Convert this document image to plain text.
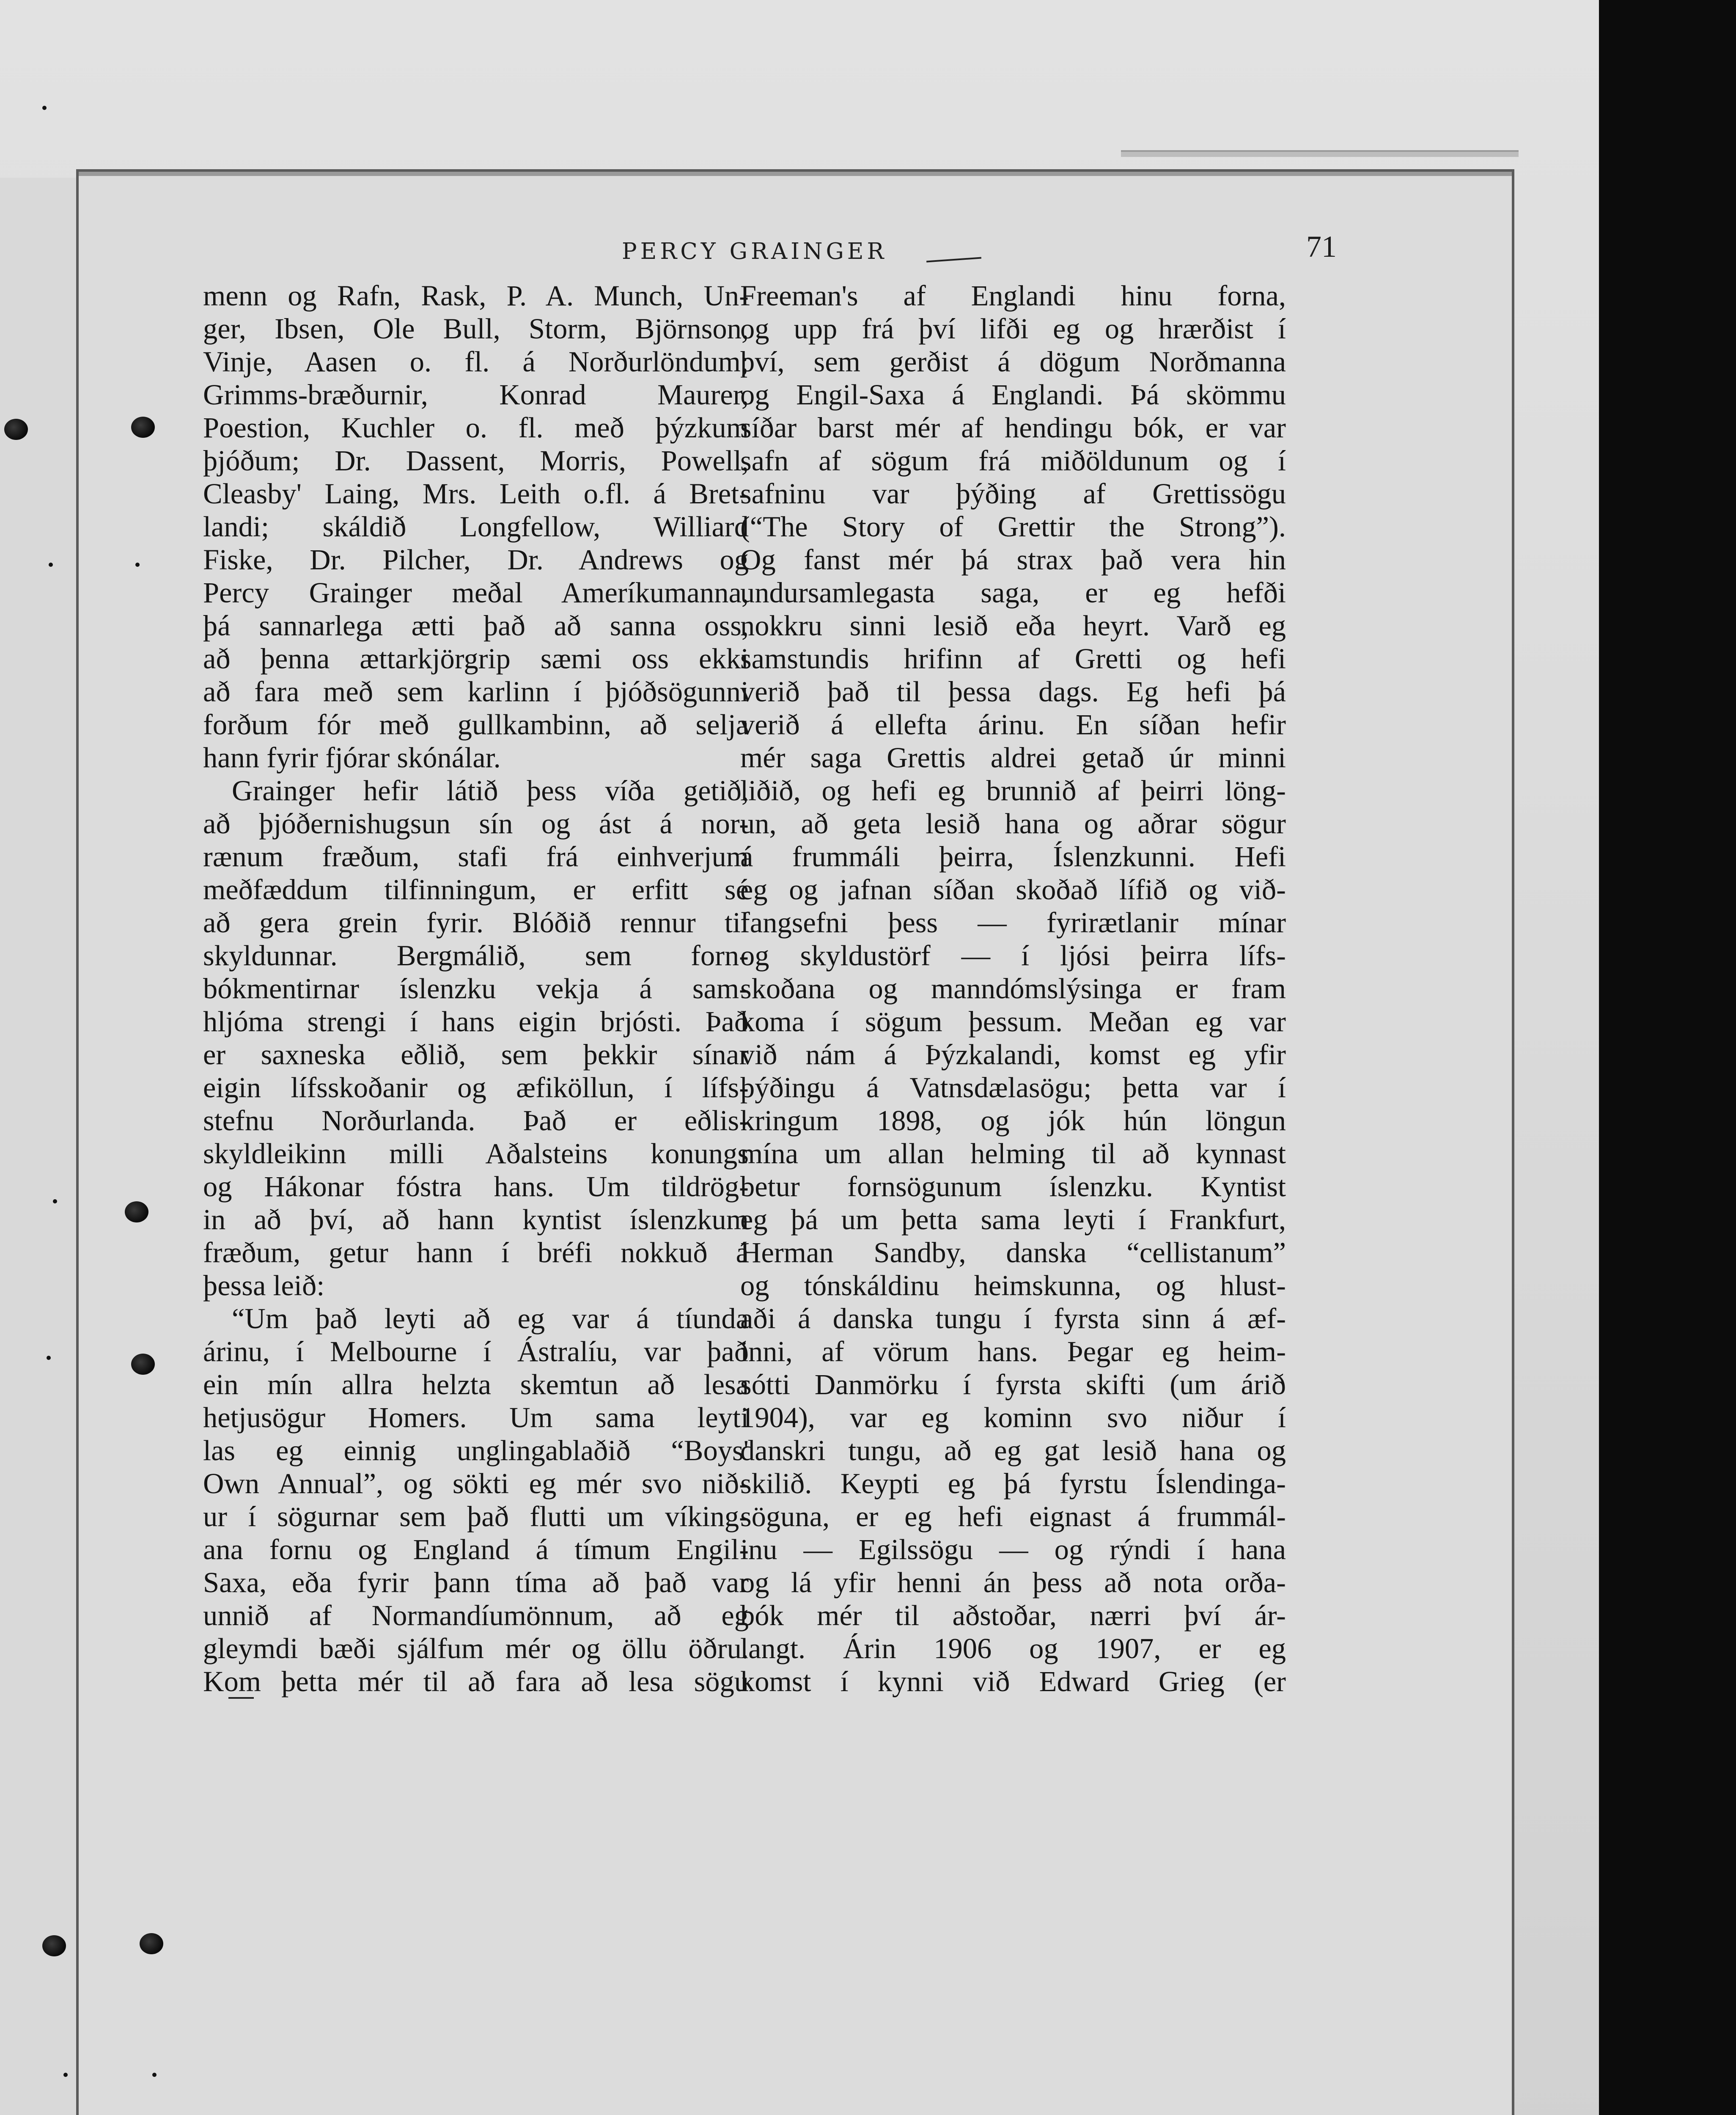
PERCY GRAINGER	71
menn og Rafn, Rask, P. A. Munch, Un-
ger, Ibsen, Ole Bull, Storm, Björnson,
Vinje, Aasen o. fl. á Norðurlöndum;
Grimms-bræðurnir, Konrad Maurer,
Poestion, Kuchler o. fl. með þýzkum
þjóðum; Dr. Dassent, Morris, Powell,
Cleasby' Laing, Mrs. Leith o.fl. á Bret-
landi; skáldið Longfellow, Williard
Fiske, Dr. Pilcher, Dr. Andrews og
Percy Grainger meðal Ameríkumanna,
þá sannarlega ætti það að sanna oss,
að þenna ættarkjörgrip sæmi oss ekki
að fara með sem karlinn í þjóðsögunni
forðum fór með gullkambinn, að selja
hann fyrir fjórar skónálar.
Grainger hefir látið þess víða getið,
að þjóðernishugsun sín og ást á nor-
rænum fræðum, stafi frá einhverjum
meðfæddum tilfinningum, er erfitt sé
að gera grein fyrir. Blóðið rennur til
skyldunnar. Bergmálið, sem forn-
bókmentirnar íslenzku vekja á sam-
hljóma strengi í hans eigin brjósti. Það
er saxneska eðlið, sem þekkir sínar
eigin lífsskoðanir og æfiköllun, í lífs-
stefnu Norðurlanda. Það er eðlis-
skyldleikinn milli Aðalsteins konungs
og Hákonar fóstra hans. Um tildrög-
in að því, að hann kyntist íslenzkum
fræðum, getur hann í bréfi nokkuð á
þessa leið:
“Um það leyti að eg var á tíunda
árinu, í Melbourne í Ástralíu, var það
ein mín allra helzta skemtun að lesa
hetjusögur Homers. Um sama leyti
las eg einnig unglingablaðið “Boys'
Own Annual”, og sökti eg mér svo nið-
ur í sögurnar sem það flutti um víking-
ana fornu og England á tímum Engil-
Saxa, eða fyrir þann tíma að það var
unnið af Normandíumönnum, að eg
gleymdi bæði sjálfum mér og öllu öðru.
Kom þetta mér til að fara að lesa sögu
Freeman's af Englandi hinu forna,
og upp frá því lifði eg og hrærðist í
því, sem gerðist á dögum Norðmanna
og Engil-Saxa á Englandi. Þá skömmu
síðar barst mér af hendingu bók, er var
safn af sögum frá miðöldunum og í
safninu var þýðing af Grettissögu
(“The Story of Grettir the Strong”).
Og fanst mér þá strax það vera hin
undursamlegasta saga, er eg hefði
nokkru sinni lesið eða heyrt. Varð eg
samstundis hrifinn af Gretti og hefi
verið það til þessa dags. Eg hefi þá
verið á ellefta árinu. En síðan hefir
mér saga Grettis aldrei getað úr minni
liðið, og hefi eg brunnið af þeirri löng-
un, að geta lesið hana og aðrar sögur
á frummáli þeirra, Íslenzkunni. Hefi
eg og jafnan síðan skoðað lífið og við-
fangsefni þess — fyrirætlanir mínar
og skyldustörf — í ljósi þeirra lífs-
skoðana og manndómslýsinga er fram
koma í sögum þessum. Meðan eg var
við nám á Þýzkalandi, komst eg yfir
þýðingu á Vatnsdælasögu; þetta var í
kringum 1898, og jók hún löngun
mína um allan helming til að kynnast
betur fornsögunum íslenzku. Kyntist
eg þá um þetta sama leyti í Frankfurt,
Herman Sandby, danska “cellistanum”
og tónskáldinu heimskunna, og hlust-
aði á danska tungu í fyrsta sinn á æf-
inni, af vörum hans. Þegar eg heim-
sótti Danmörku í fyrsta skifti (um árið
1904), var eg kominn svo niður í
danskri tungu, að eg gat lesið hana og
skilið. Keypti eg þá fyrstu Íslendinga-
söguna, er eg hefi eignast á frummál-
inu — Egilssögu — og rýndi í hana
og lá yfir henni án þess að nota orða-
bók mér til aðstoðar, nærri því ár-
langt. Árin 1906 og 1907, er eg
komst í kynni við Edward Grieg (er
